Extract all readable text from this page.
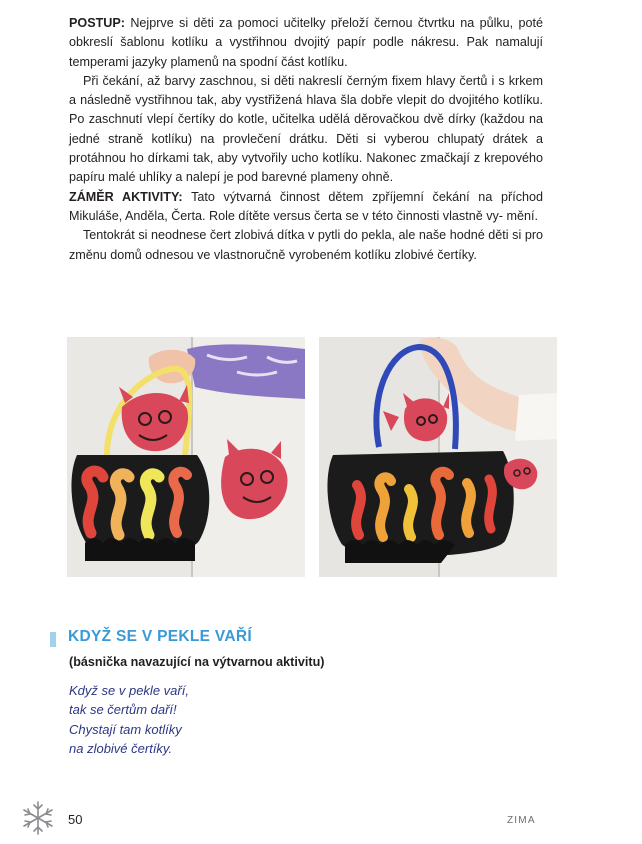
POSTUP: Nejprve si děti za pomoci učitelky přeloží černou čtvrtku na půlku, poté obkreslí šablonu kotlíku a vystřihnou dvojitý papír podle nákresu. Pak namalují temperami jazyky plamenů na spodní část kotlíku.

Při čekání, až barvy zaschnou, si děti nakreslí černým fixem hlavy čertů i s krkem a následně vystřihnou tak, aby vystřižená hlava šla dobře vlepit do dvojitého kotlíku. Po zaschnutí vlepí čertíky do kotle, učitelka udělá děrovačkou dvě dírky (každou na jedné straně kotlíku) na provlečení drátku. Děti si vyberou chlupatý drátek a protáhnou ho dírkami tak, aby vytvořily ucho kotlíku. Nakonec zmačkají z krepového papíru malé uhlíky a nalepí je pod barevné plameny ohně.

ZÁMĚR AKTIVITY: Tato výtvarná činnost dětem zpříjemní čekání na příchod Mikuláše, Anděla, Čerta. Role dítěte versus čerta se v této činnosti vlastně vy- mění.

Tentokrát si neodnese čert zlobivá dítka v pytli do pekla, ale naše hodné děti si pro změnu domů odnesou ve vlastnoručně vyrobeném kotlíku zlobivé čertíky.

KDYŽ SE V PEKLE VAŘÍ
(básnička navazující na výtvarnou aktivitu)
Když se v pekle vaří,
tak se čertům daří!
Chystají tam kotlíky
na zlobivé čertíky.
50	ZIMA
